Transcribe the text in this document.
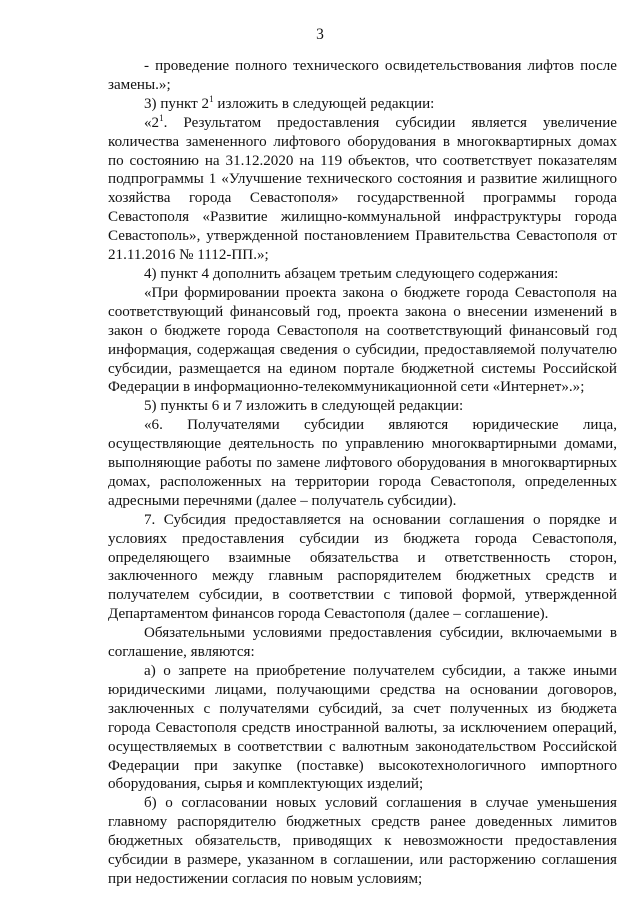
3

- проведение полного технического освидетельствования лифтов после замены.»;

3) пункт $2^1$ изложить в следующей редакции:

«$2^1$. Результатом предоставления субсидии является увеличение количества замененного лифтового оборудования в многоквартирных домах по состоянию на 31.12.2020 на 119 объектов, что соответствует показателям подпрограммы 1 «Улучшение технического состояния и развитие жилищного хозяйства города Севастополя» государственной программы города Севастополя «Развитие жилищно-коммунальной инфраструктуры города Севастополь», утвержденной постановлением Правительства Севастополя от 21.11.2016 № 1112-ПП.»;

4) пункт 4 дополнить абзацем третьим следующего содержания:

«При формировании проекта закона о бюджете города Севастополя на соответствующий финансовый год, проекта закона о внесении изменений в закон о бюджете города Севастополя на соответствующий финансовый год информация, содержащая сведения о субсидии, предоставляемой получателю субсидии, размещается на едином портале бюджетной системы Российской Федерации в информационно-телекоммуникационной сети «Интернет».»;

5) пункты 6 и 7 изложить в следующей редакции:

«6. Получателями субсидии являются юридические лица, осуществляющие деятельность по управлению многоквартирными домами, выполняющие работы по замене лифтового оборудования в многоквартирных домах, расположенных на территории города Севастополя, определенных адресными перечнями (далее – получатель субсидии).

7. Субсидия предоставляется на основании соглашения о порядке и условиях предоставления субсидии из бюджета города Севастополя, определяющего взаимные обязательства и ответственность сторон, заключенного между главным распорядителем бюджетных средств и получателем субсидии, в соответствии с типовой формой, утвержденной Департаментом финансов города Севастополя (далее – соглашение).

Обязательными условиями предоставления субсидии, включаемыми в соглашение, являются:

а) о запрете на приобретение получателем субсидии, а также иными юридическими лицами, получающими средства на основании договоров, заключенных с получателями субсидий, за счет полученных из бюджета города Севастополя средств иностранной валюты, за исключением операций, осуществляемых в соответствии с валютным законодательством Российской Федерации при закупке (поставке) высокотехнологичного импортного оборудования, сырья и комплектующих изделий;

б) о согласовании новых условий соглашения в случае уменьшения главному распорядителю бюджетных средств ранее доведенных лимитов бюджетных обязательств, приводящих к невозможности предоставления субсидии в размере, указанном в соглашении, или расторжению соглашения при недостижении согласия по новым условиям;
